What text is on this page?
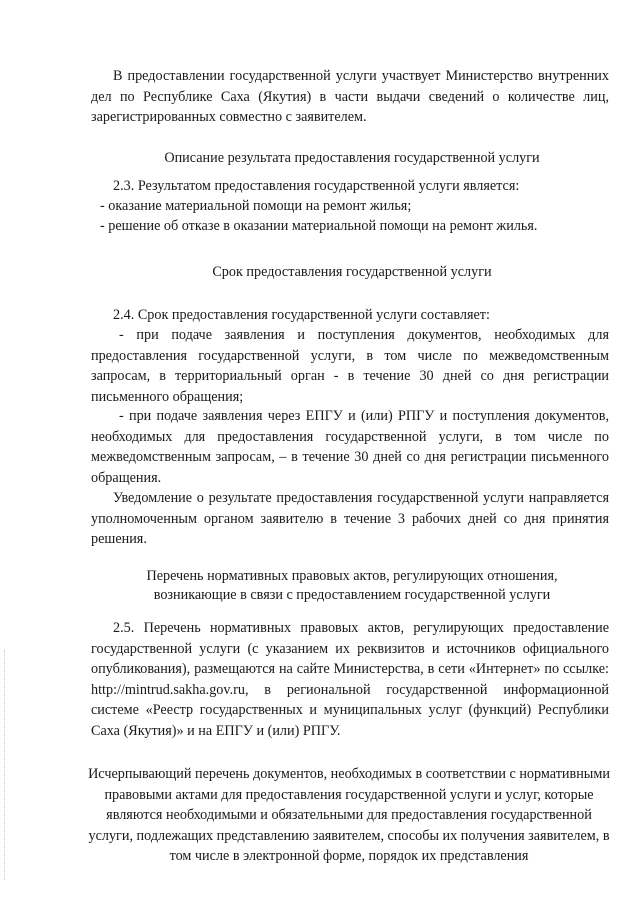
В предоставлении государственной услуги участвует Министерство внутренних дел по Республике Саха (Якутия) в части выдачи сведений о количестве лиц, зарегистрированных совместно с заявителем.

Описание результата предоставления государственной услуги

2.3. Результатом предоставления государственной услуги является:

- оказание материальной помощи на ремонт жилья;

- решение об отказе в оказании материальной помощи на ремонт жилья.

Срок предоставления государственной услуги

2.4. Срок предоставления государственной услуги составляет:

- при подаче заявления и поступления документов, необходимых для предоставления государственной услуги, в том числе по межведомственным запросам, в территориальный орган - в течение 30 дней со дня регистрации письменного обращения;

- при подаче заявления через ЕПГУ и (или) РПГУ и поступления документов, необходимых для предоставления государственной услуги, в том числе по межведомственным запросам, – в течение 30 дней со дня регистрации письменного обращения.

Уведомление о результате предоставления государственной услуги направляется уполномоченным органом заявителю в течение 3 рабочих дней со дня принятия решения.

Перечень нормативных правовых актов, регулирующих отношения,

возникающие в связи с предоставлением государственной услуги

2.5. Перечень нормативных правовых актов, регулирующих предоставление государственной услуги (с указанием их реквизитов и источников официального опубликования), размещаются на сайте Министерства, в сети «Интернет» по ссылке: http://mintrud.sakha.gov.ru, в региональной государственной информационной системе «Реестр государственных и муниципальных услуг (функций) Республики Саха (Якутия)» и на ЕПГУ и (или) РПГУ.

Исчерпывающий перечень документов, необходимых в соответствии с нормативными правовыми актами для предоставления государственной услуги и услуг, которые являются необходимыми и обязательными для предоставления государственной услуги, подлежащих представлению заявителем, способы их получения заявителем, в том числе в электронной форме, порядок их представления
